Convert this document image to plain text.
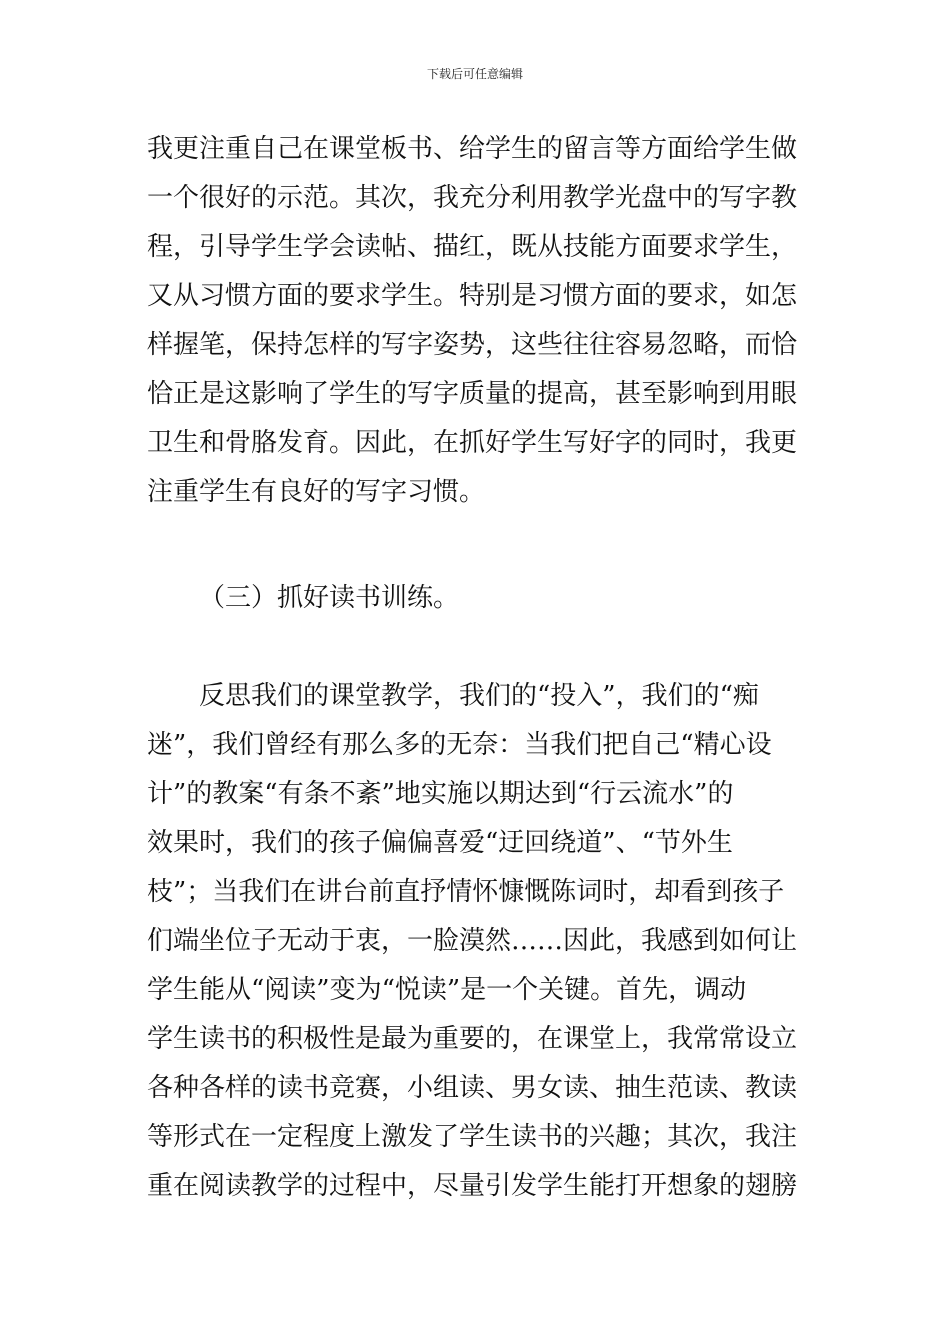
下载后可任意编辑
我更注重自己在课堂板书、给学生的留言等方面给学生做
一个很好的示范。其次，我充分利用教学光盘中的写字教
程，引导学生学会读帖、描红，既从技能方面要求学生，
又从习惯方面的要求学生。特别是习惯方面的要求，如怎
样握笔，保持怎样的写字姿势，这些往往容易忽略，而恰
恰正是这影响了学生的写字质量的提高，甚至影响到用眼
卫生和骨胳发育。因此，在抓好学生写好字的同时，我更
注重学生有良好的写字习惯。
（三）抓好读书训练。
反思我们的课堂教学，我们的“投入”，我们的“痴
迷”，我们曾经有那么多的无奈：当我们把自己“精心设
计”的教案“有条不紊”地实施以期达到“行云流水”的
效果时，我们的孩子偏偏喜爱“迂回绕道”、“节外生
枝”；当我们在讲台前直抒情怀慷慨陈词时，却看到孩子
们端坐位子无动于衷，一脸漠然……因此，我感到如何让
学生能从“阅读”变为“悦读”是一个关键。首先，调动
学生读书的积极性是最为重要的，在课堂上，我常常设立
各种各样的读书竞赛，小组读、男女读、抽生范读、教读
等形式在一定程度上激发了学生读书的兴趣；其次，我注
重在阅读教学的过程中，尽量引发学生能打开想象的翅膀
